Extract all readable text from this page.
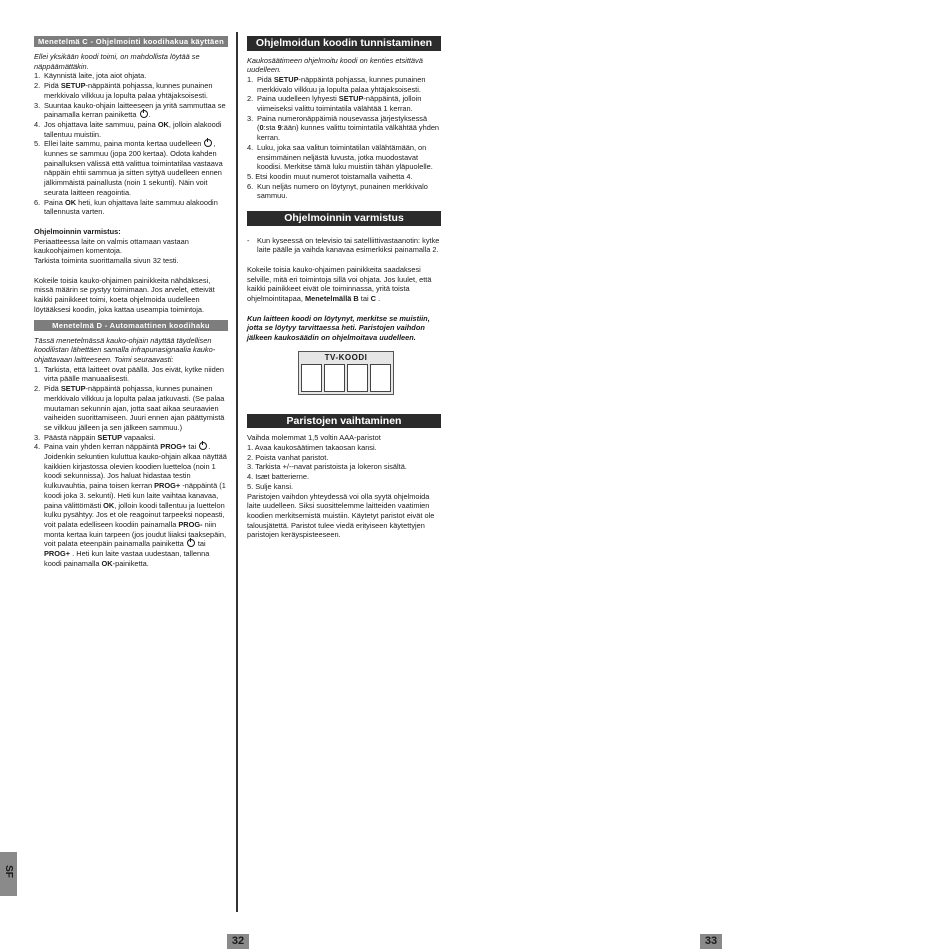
Menetelmä C - Ohjelmointi koodihakua käyttäen
Ellei yksikään koodi toimi, on mahdollista löytää se näppäämättäkin.
1. Käynnistä laite, jota aiot ohjata.
2. Pidä SETUP-näppäintä pohjassa, kunnes punainen merkkivalo vilkkuu ja lopulta palaa yhtäjaksoisesti.
3. Suuntaa kauko-ohjain laitteeseen ja yritä sammuttaa se painamalla kerran painiketta .
4. Jos ohjattava laite sammuu, paina OK, jolloin alakoodi tallentuu muistiin.
5. Ellei laite sammu, paina monta kertaa uudelleen , kunnes se sammuu (jopa 200 kertaa). Odota kahden painalluksen välissä että valittua toimintatilaa vastaava näppäin ehtii sammua ja sitten syttyä uudelleen ennen jälkimmäistä painallusta (noin 1 sekunti). Näin voit seurata laitteen reagointia.
6. Paina OK heti, kun ohjattava laite sammuu alakoodin tallennusta varten.
Ohjelmoinnin varmistus:
Periaatteessa laite on valmis ottamaan vastaan kaukoohjaimen komentoja.
Tarkista toiminta suorittamalla sivun 32 testi.
Kokeile toisia kauko-ohjaimen painikkeita nähdäksesi, missä määrin se pystyy toimimaan. Jos arvelet, etteivät kaikki painikkeet toimi, koeta ohjelmoida uudelleen löytääksesi koodin, joka kattaa useampia toimintoja.
Menetelmä D - Automaattinen koodihaku
Tässä menetelmässä kauko-ohjain näyttää täydellisen koodilistan lähettäen samalla infrapunasignaalia kauko-ohjattavaan laitteeseen. Toimi seuraavasti:
1. Tarkista, että laitteet ovat päällä. Jos eivät, kytke niiden virta päälle manuaalisesti.
2. Pidä SETUP-näppäintä pohjassa, kunnes punainen merkkivalo vilkkuu ja lopulta palaa jatkuvasti. (Se palaa muutaman sekunnin ajan, jotta saat aikaa seuraavien vaiheiden suorittamiseen. Juuri ennen ajan päättymistä se vilkkuu jälleen ja sen jälkeen sammuu.)
3. Päästä näppäin SETUP vapaaksi.
4. Paina vain yhden kerran näppäintä PROG+ tai . Joidenkin sekuntien kuluttua kauko-ohjain alkaa näyttää kaikkien kirjastossa olevien koodien luetteloa (noin 1 koodi sekunnissa). Jos haluat hidastaa testin kulkuvauhtia, paina toisen kerran PROG+ -näppäintä (1 koodi joka 3. sekunti). Heti kun laite vaihtaa kanavaa, paina välittömästi OK, jolloin koodi tallentuu ja luettelon kulku pysähtyy. Jos et ole reagoinut tarpeeksi nopeasti, voit palata edelliseen koodiin painamalla PROG- niin monta kertaa kuin tarpeen (jos joudut liiaksi taaksepäin, voit palata eteenpäin painamalla painiketta  tai PROG+ . Heti kun laite vastaa uudestaan, tallenna koodi painamalla OK-painiketta.
Ohjelmoidun koodin tunnistaminen
Kaukosäätimeen ohjelmoitu koodi on kenties etsittävä uudelleen.
1. Pidä SETUP-näppäintä pohjassa, kunnes punainen merkkivalo vilkkuu ja lopulta palaa yhtäjaksoisesti.
2. Paina uudelleen lyhyesti SETUP-näppäintä, jolloin viimeiseksi valittu toimintatila välähtää 1 kerran.
3. Paina numeronäppäimiä nousevassa järjestyksessä (0:sta 9:ään) kunnes valittu toimintatila välkähtää yhden kerran.
4. Luku, joka saa valitun toimintatilan välähtämään, on ensimmäinen neljästä luvusta, jotka muodostavat koodisi. Merkitse tämä luku muistiin tähän yläpuolelle.
5. Etsi koodin muut numerot toistamalla vaihetta 4.
6. Kun neljäs numero on löytynyt, punainen merkkivalo sammuu.
Ohjelmoinnin varmistus
- Kun kyseessä on televisio tai satelliittivastaanotin: kytke laite päälle ja vaihda kanavaa esimerkiksi painamalla 2.
Kokeile toisia kauko-ohjaimen painikkeita saadaksesi selville, mitä eri toimintoja sillä voi ohjata. Jos luulet, että kaikki painikkeet eivät ole toiminnassa, yritä toista ohjelmointitapaa, Menetelmällä B tai C .
Kun laitteen koodi on löytynyt, merkitse se muistiin, jotta se löytyy tarvittaessa heti. Paristojen vaihdon jälkeen kaukosäädin on ohjelmoitava uudelleen.
TV-KOODI
Paristojen vaihtaminen
Vaihda molemmat 1,5 voltin AAA-paristot
1. Avaa kaukosäätimen takaosan kansi.
2. Poista vanhat paristot.
3. Tarkista +/--navat paristoista ja lokeron sisältä.
4. Isæt batterierne.
5. Sulje kansi.
Paristojen vaihdon yhteydessä voi olla syytä ohjelmoida laite uudelleen. Siksi suosittelemme laitteiden vaatimien koodien merkitsemistä muistiin. Käytetyt paristot eivät ole talousjätettä. Paristot tulee viedä erityiseen käytettyjen paristojen keräyspisteeseen.
SF
32	33
